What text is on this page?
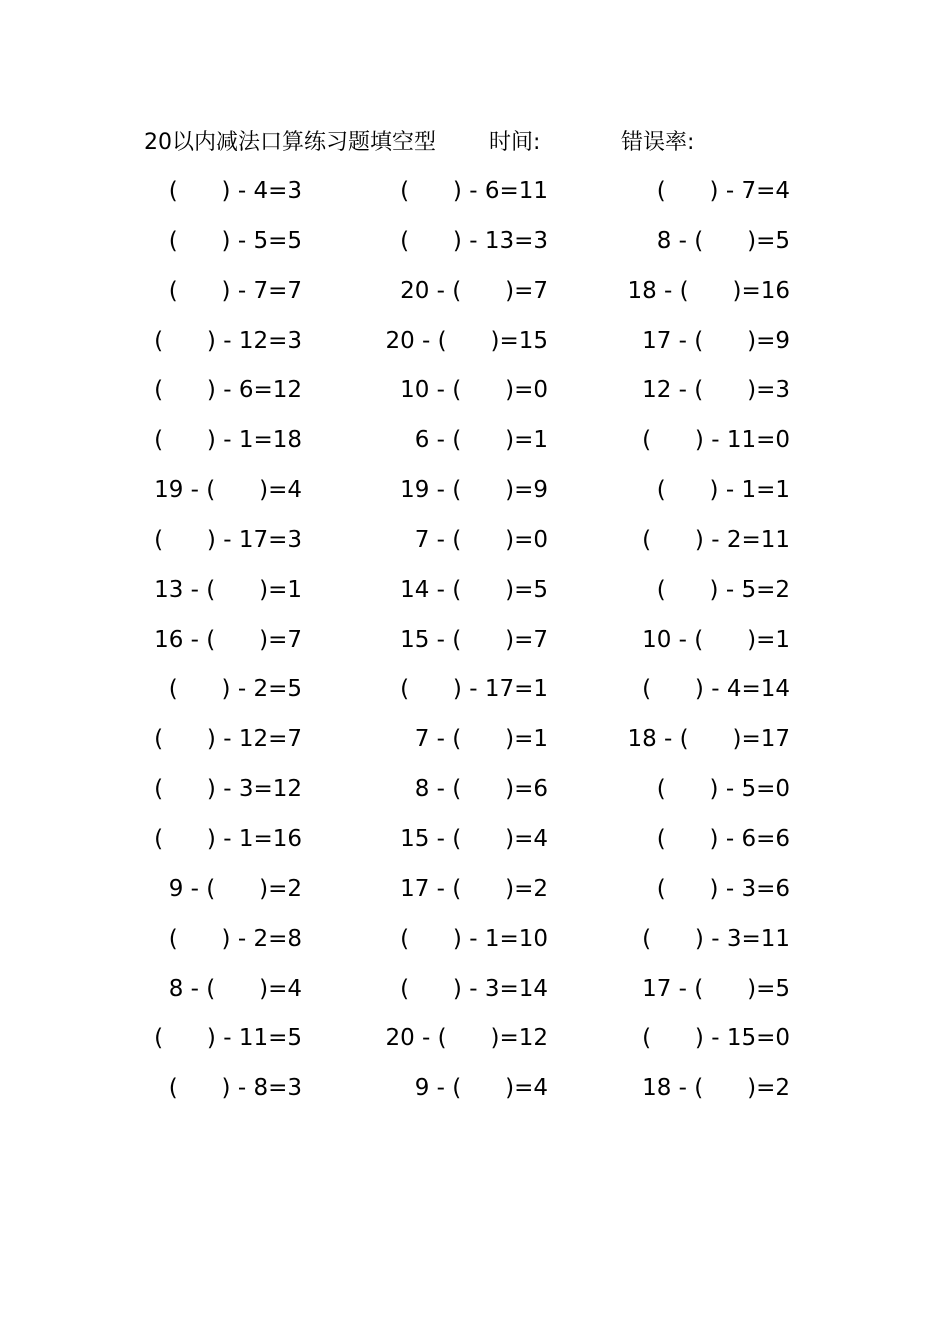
20以内减法口算练习题填空型 时间:	错误率:
(      ) - 4=3	(      ) - 6=11	(      ) - 7=4
(      ) - 5=5	(      ) - 13=3	8 - (      )=5
(      ) - 7=7	20 - (      )=7	18 - (      )=16
(      ) - 12=3	20 - (      )=15	17 - (      )=9
(      ) - 6=12	10 - (      )=0	12 - (      )=3
(      ) - 1=18	6 - (      )=1	(      ) - 11=0
19 - (      )=4	19 - (      )=9	(      ) - 1=1
(      ) - 17=3	7 - (      )=0	(      ) - 2=11
13 - (      )=1	14 - (      )=5	(      ) - 5=2
16 - (      )=7	15 - (      )=7	10 - (      )=1
(      ) - 2=5	(      ) - 17=1	(      ) - 4=14
(      ) - 12=7	7 - (      )=1	18 - (      )=17
(      ) - 3=12	8 - (      )=6	(      ) - 5=0
(      ) - 1=16	15 - (      )=4	(      ) - 6=6
9 - (      )=2	17 - (      )=2	(      ) - 3=6
(      ) - 2=8	(      ) - 1=10	(      ) - 3=11
8 - (      )=4	(      ) - 3=14	17 - (      )=5
(      ) - 11=5	20 - (      )=12	(      ) - 15=0
(      ) - 8=3	9 - (      )=4	18 - (      )=2
